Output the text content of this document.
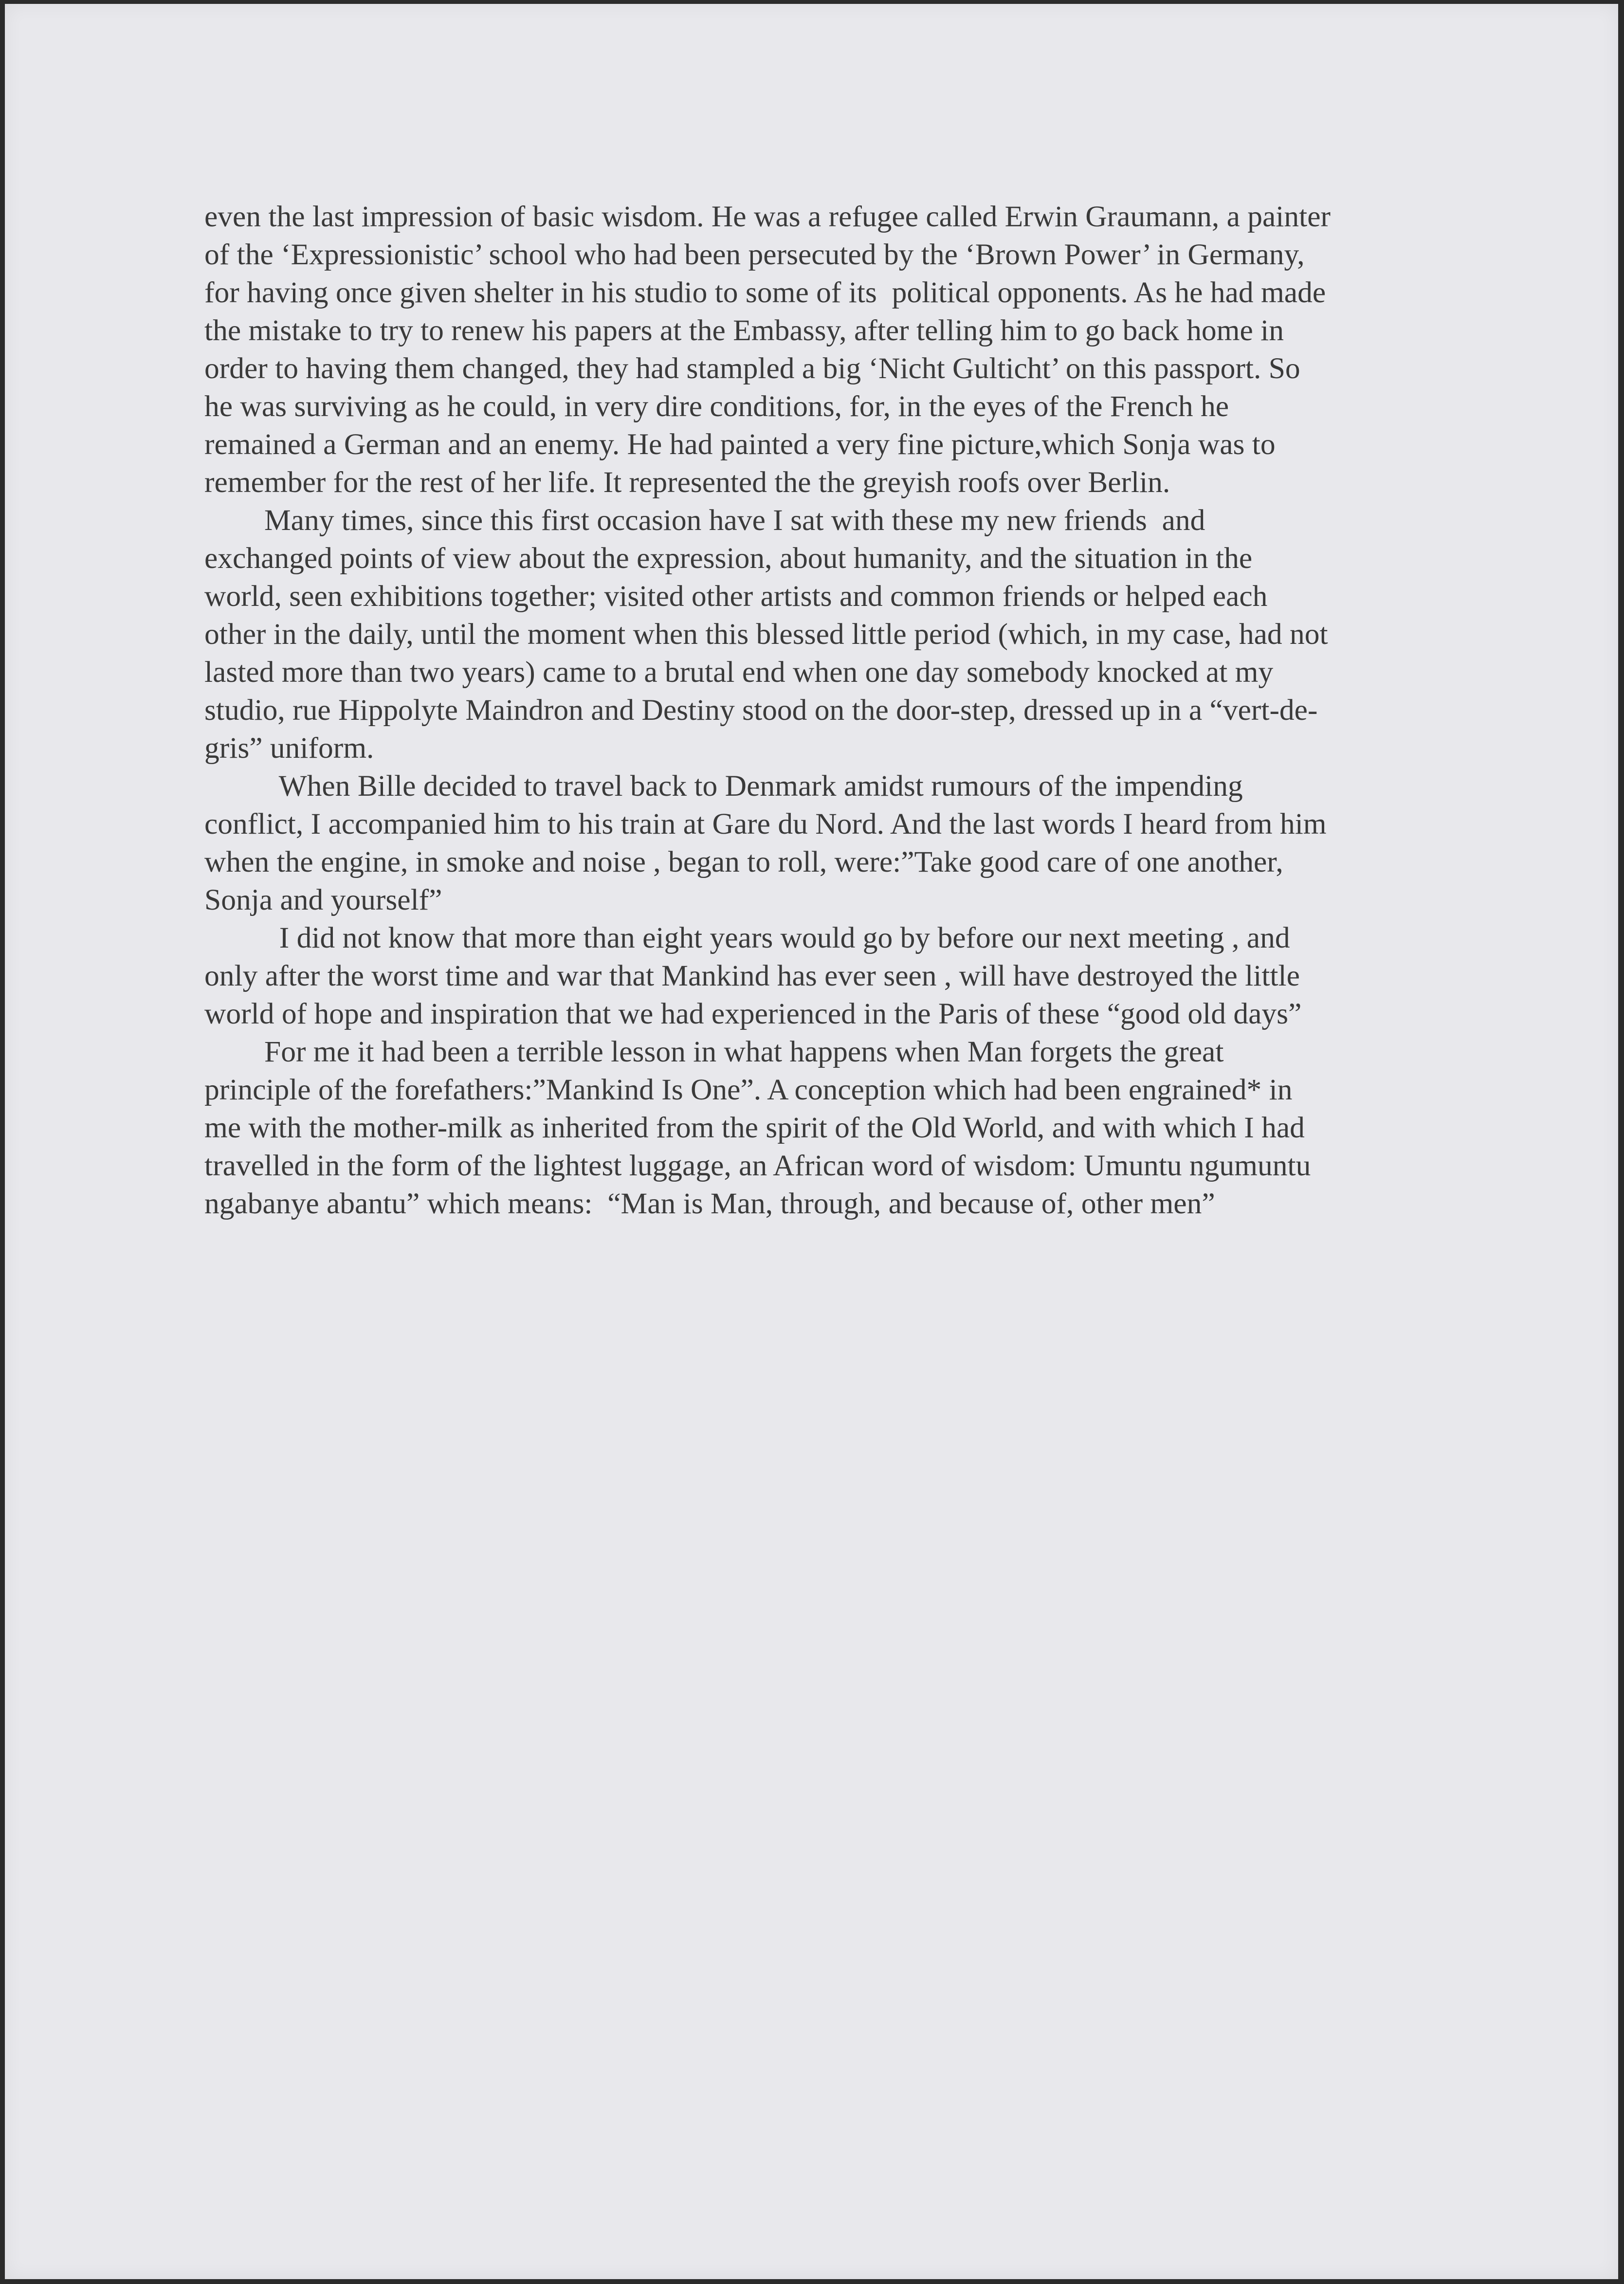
even the last impression of basic wisdom. He was a refugee called Erwin Graumann, a painter
of the ‘Expressionistic’ school who had been persecuted by the ‘Brown Power’ in Germany,
for having once given shelter in his studio to some of its  political opponents. As he had made
the mistake to try to renew his papers at the Embassy, after telling him to go back home in
order to having them changed, they had stampled a big ‘Nicht Gulticht’ on this passport. So
he was surviving as he could, in very dire conditions, for, in the eyes of the French he
remained a German and an enemy. He had painted a very fine picture,which Sonja was to
remember for the rest of her life. It represented the the greyish roofs over Berlin.
Many times, since this first occasion have I sat with these my new friends  and
exchanged points of view about the expression, about humanity, and the situation in the
world, seen exhibitions together; visited other artists and common friends or helped each
other in the daily, until the moment when this blessed little period (which, in my case, had not
lasted more than two years) came to a brutal end when one day somebody knocked at my
studio, rue Hippolyte Maindron and Destiny stood on the door-step, dressed up in a “vert-de-
gris” uniform.
When Bille decided to travel back to Denmark amidst rumours of the impending
conflict, I accompanied him to his train at Gare du Nord. And the last words I heard from him
when the engine, in smoke and noise , began to roll, were:”Take good care of one another,
Sonja and yourself”
I did not know that more than eight years would go by before our next meeting , and
only after the worst time and war that Mankind has ever seen , will have destroyed the little
world of hope and inspiration that we had experienced in the Paris of these “good old days”
For me it had been a terrible lesson in what happens when Man forgets the great
principle of the forefathers:”Mankind Is One”. A conception which had been engrained* in
me with the mother-milk as inherited from the spirit of the Old World, and with which I had
travelled in the form of the lightest luggage, an African word of wisdom: Umuntu ngumuntu
ngabanye abantu” which means:  “Man is Man, through, and because of, other men”
